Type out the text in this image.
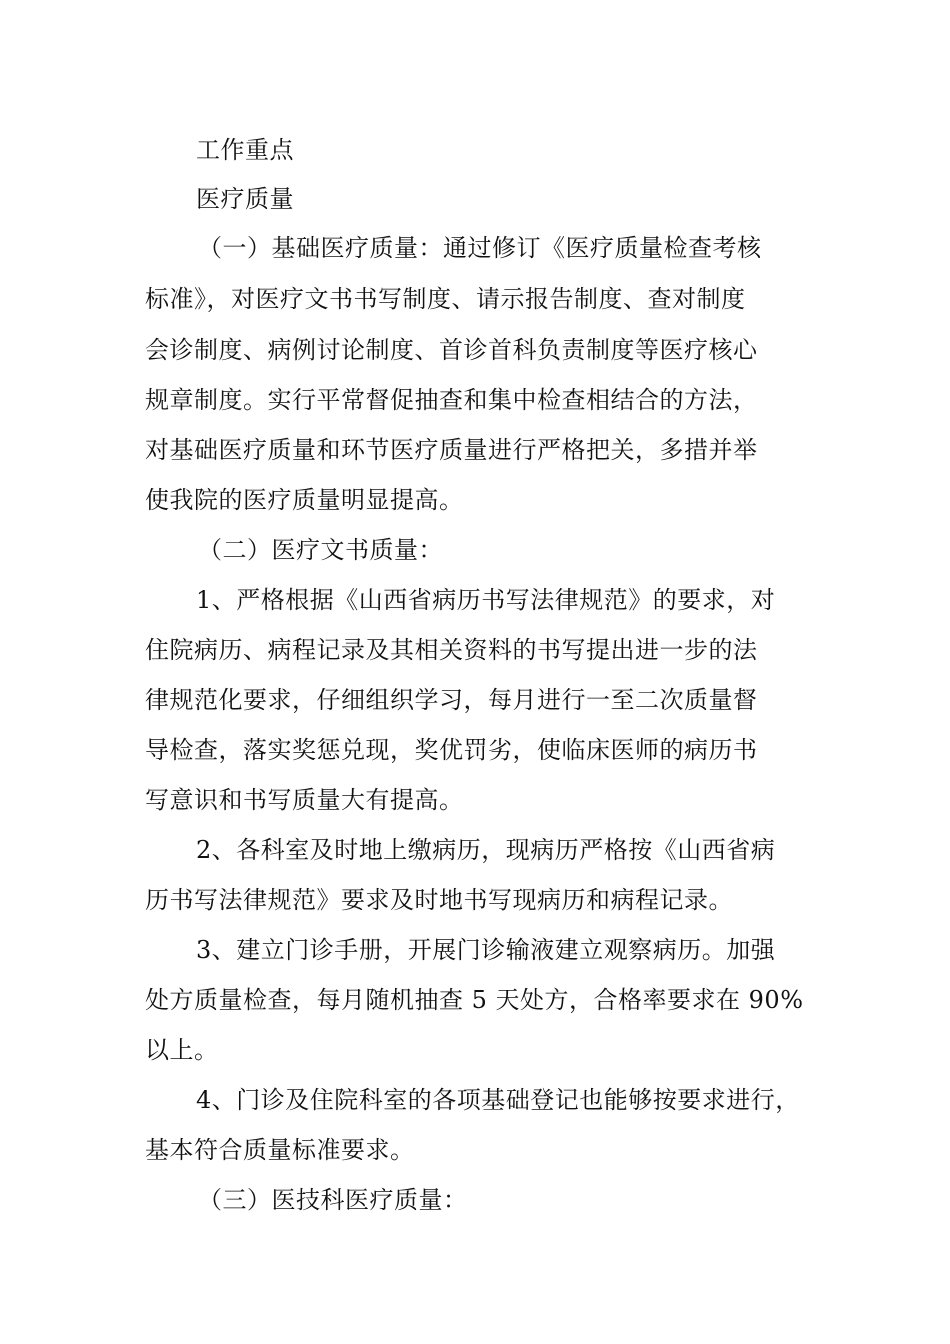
工作重点
医疗质量
（一）基础医疗质量：通过修订《医疗质量检查考核
标准》，对医疗文书书写制度、请示报告制度、查对制度
会诊制度、病例讨论制度、首诊首科负责制度等医疗核心
规章制度。实行平常督促抽查和集中检查相结合的方法，
对基础医疗质量和环节医疗质量进行严格把关，多措并举
使我院的医疗质量明显提高。
（二）医疗文书质量：
1、严格根据《山西省病历书写法律规范》的要求，对
住院病历、病程记录及其相关资料的书写提出进一步的法
律规范化要求，仔细组织学习，每月进行一至二次质量督
导检查，落实奖惩兑现，奖优罚劣，使临床医师的病历书
写意识和书写质量大有提高。
2、各科室及时地上缴病历，现病历严格按《山西省病
历书写法律规范》要求及时地书写现病历和病程记录。
3、建立门诊手册，开展门诊输液建立观察病历。加强
处方质量检查，每月随机抽查 5 天处方，合格率要求在 90%
以上。
4、门诊及住院科室的各项基础登记也能够按要求进行，
基本符合质量标准要求。
（三）医技科医疗质量：
